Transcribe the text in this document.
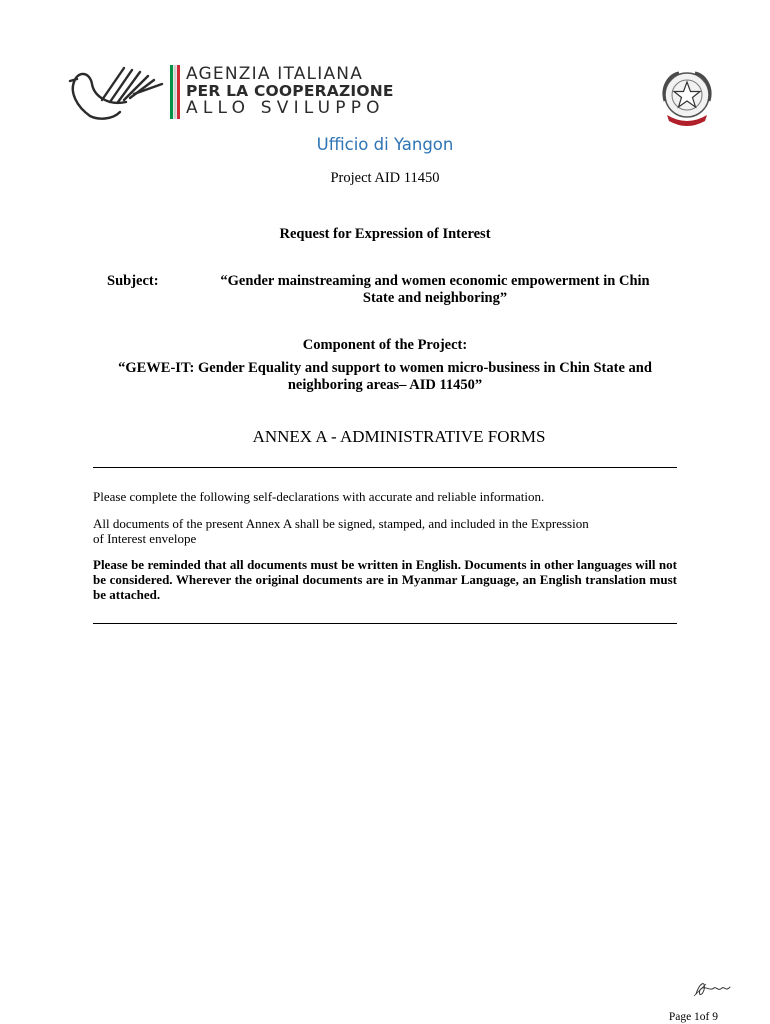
AGENZIA ITALIANA
PER LA COOPERAZIONE
ALLO SVILUPPO
Ufficio di Yangon
Project AID 11450
Request for Expression of Interest
Subject:	“Gender mainstreaming and women economic empowerment in Chin
State and neighboring”
Component of the Project:
“GEWE-IT: Gender Equality and support to women micro-business in Chin State and
neighboring areas– AID 11450”
ANNEX A - ADMINISTRATIVE FORMS
Please complete the following self-declarations with accurate and reliable information.
All documents of the present Annex A shall be signed, stamped, and included in the Expression
of Interest envelope
Please be reminded that all documents must be written in English. Documents in other languages will not be considered. Wherever the original documents are in Myanmar Language, an English translation must be attached.
Page 1of 9
